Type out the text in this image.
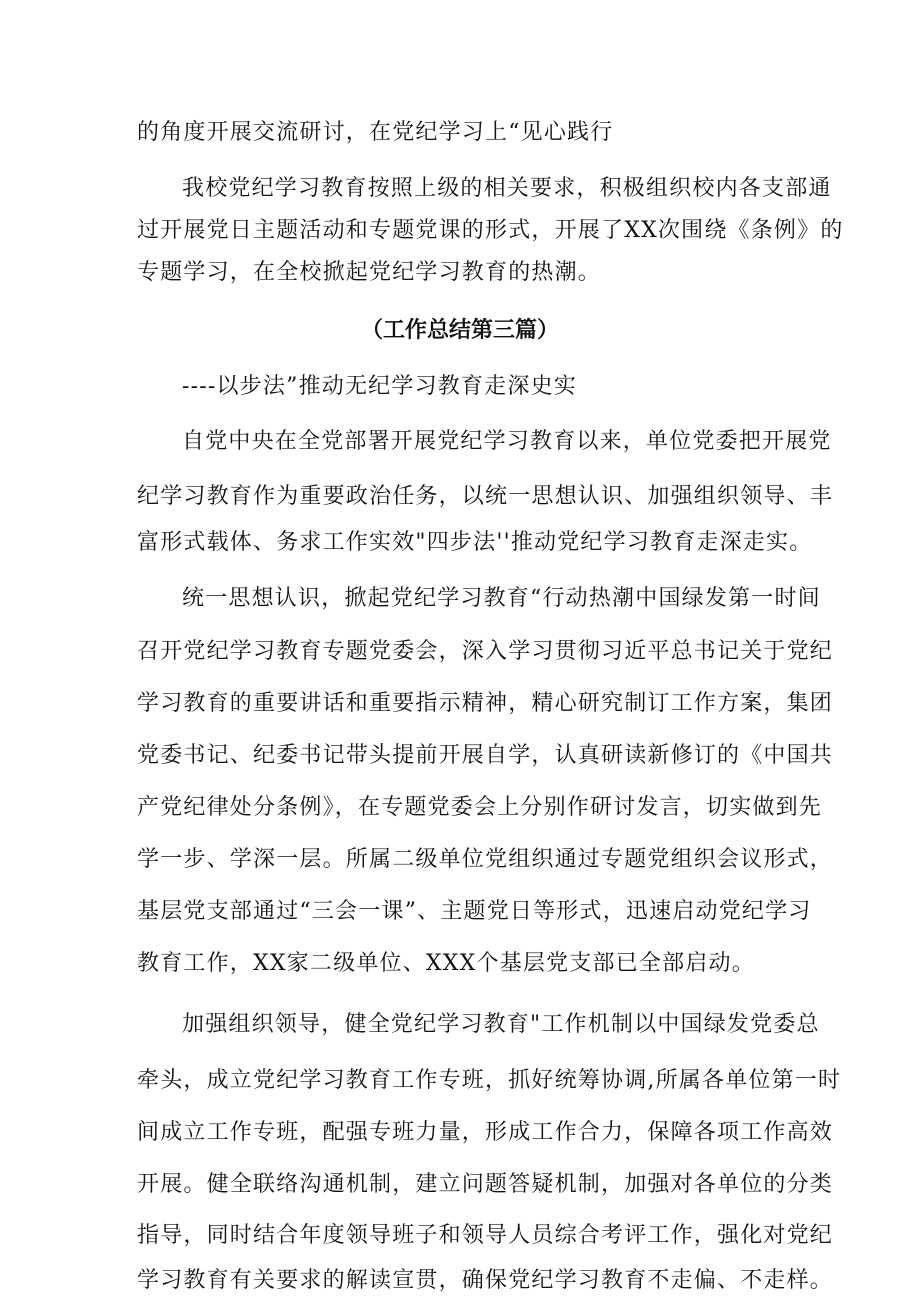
的角度开展交流研讨，在党纪学习上“见心践行
我校党纪学习教育按照上级的相关要求，积极组织校内各支部通
过开展党日主题活动和专题党课的形式，开展了XX次围绕《条例》的
专题学习，在全校掀起党纪学习教育的热潮。
（工作总结第三篇）
----以步法”推动无纪学习教育走深史实
自党中央在全党部署开展党纪学习教育以来，单位党委把开展党
纪学习教育作为重要政治任务，以统一思想认识、加强组织领导、丰
富形式载体、务求工作实效"四步法''推动党纪学习教育走深走实。
统一思想认识，掀起党纪学习教育“行动热潮中国绿发第一时间
召开党纪学习教育专题党委会，深入学习贯彻习近平总书记关于党纪
学习教育的重要讲话和重要指示精神，精心研究制订工作方案，集团
党委书记、纪委书记带头提前开展自学，认真研读新修订的《中国共
产党纪律处分条例》，在专题党委会上分别作研讨发言，切实做到先
学一步、学深一层。所属二级单位党组织通过专题党组织会议形式，
基层党支部通过“三会一课”、主题党日等形式，迅速启动党纪学习
教育工作，XX家二级单位、XXX个基层党支部已全部启动。
加强组织领导，健全党纪学习教育"工作机制以中国绿发党委总
牵头，成立党纪学习教育工作专班，抓好统筹协调,所属各单位第一时
间成立工作专班，配强专班力量，形成工作合力，保障各项工作高效
开展。健全联络沟通机制，建立问题答疑机制，加强对各单位的分类
指导，同时结合年度领导班子和领导人员综合考评工作，强化对党纪
学习教育有关要求的解读宣贯，确保党纪学习教育不走偏、不走样。
